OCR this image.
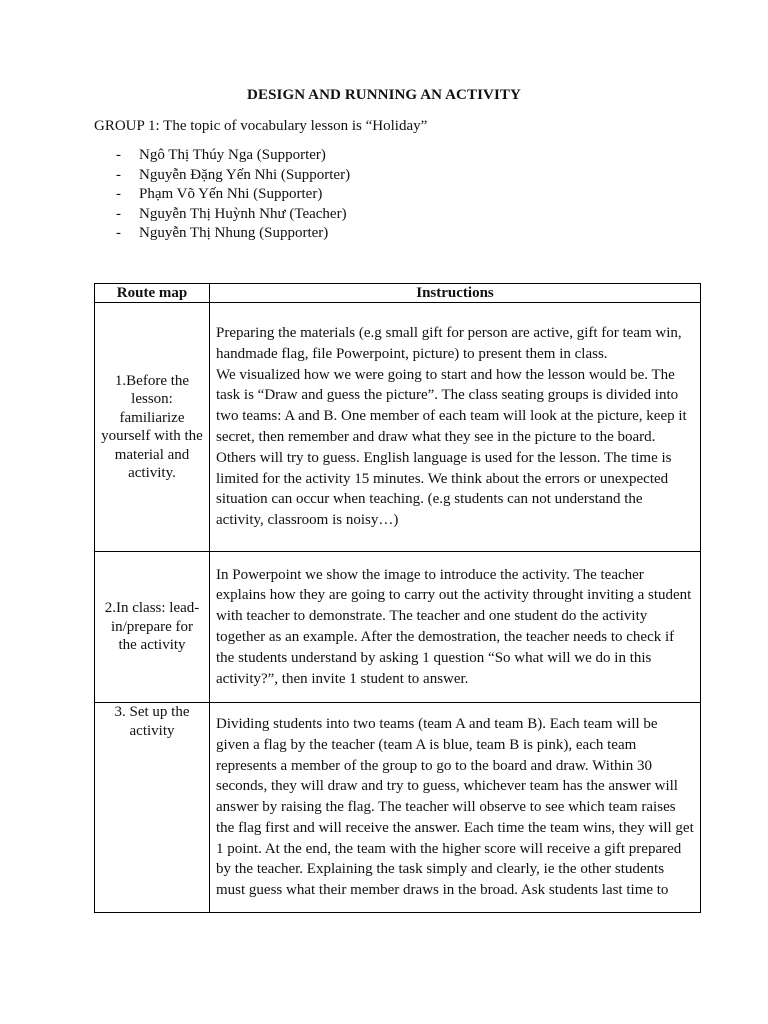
DESIGN AND RUNNING AN ACTIVITY
GROUP 1: The topic of vocabulary lesson is “Holiday”
- Ngô Thị Thúy Nga (Supporter)
- Nguyễn Đặng Yến Nhi (Supporter)
- Phạm Võ Yến Nhi (Supporter)
- Nguyễn Thị Huỳnh Như (Teacher)
- Nguyễn Thị Nhung (Supporter)
Route map	Instructions
1.Before the lesson: familiarize yourself with the material and activity.	Preparing the materials (e.g small gift for person are active, gift for team win, handmade flag, file Powerpoint, picture) to present them in class.

We visualized how we were going to start and how the lesson would be. The task is “Draw and guess the picture”. The class seating groups is divided into two teams: A and B. One member of each team will look at the picture, keep it secret, then remember and draw what they see in the picture to the board. Others will try to guess. English language is used for the lesson. The time is limited for the activity 15 minutes. We think about the errors or unexpected situation can occur when teaching. (e.g students can not understand the activity, classroom is noisy…)

2.In class: lead-in/prepare for the activity	In Powerpoint we show the image to introduce the activity. The teacher explains how they are going to carry out the activity throught inviting a student with teacher to demonstrate. The teacher and one student do the activity together as an example. After the demostration, the teacher needs to check if the students understand by asking 1 question “So what will we do in this activity?”, then invite 1 student to answer.

3. Set up the activity	Dividing students into two teams (team A and team B). Each team will be given a flag by the teacher (team A is blue, team B is pink), each team represents a member of the group to go to the board and draw. Within 30 seconds, they will draw and try to guess, whichever team has the answer will answer by raising the flag. The teacher will observe to see which team raises the flag first and will receive the answer. Each time the team wins, they will get 1 point. At the end, the team with the higher score will receive a gift prepared by the teacher. Explaining the task simply and clearly, ie the other students must guess what their member draws in the broad. Ask students last time to
